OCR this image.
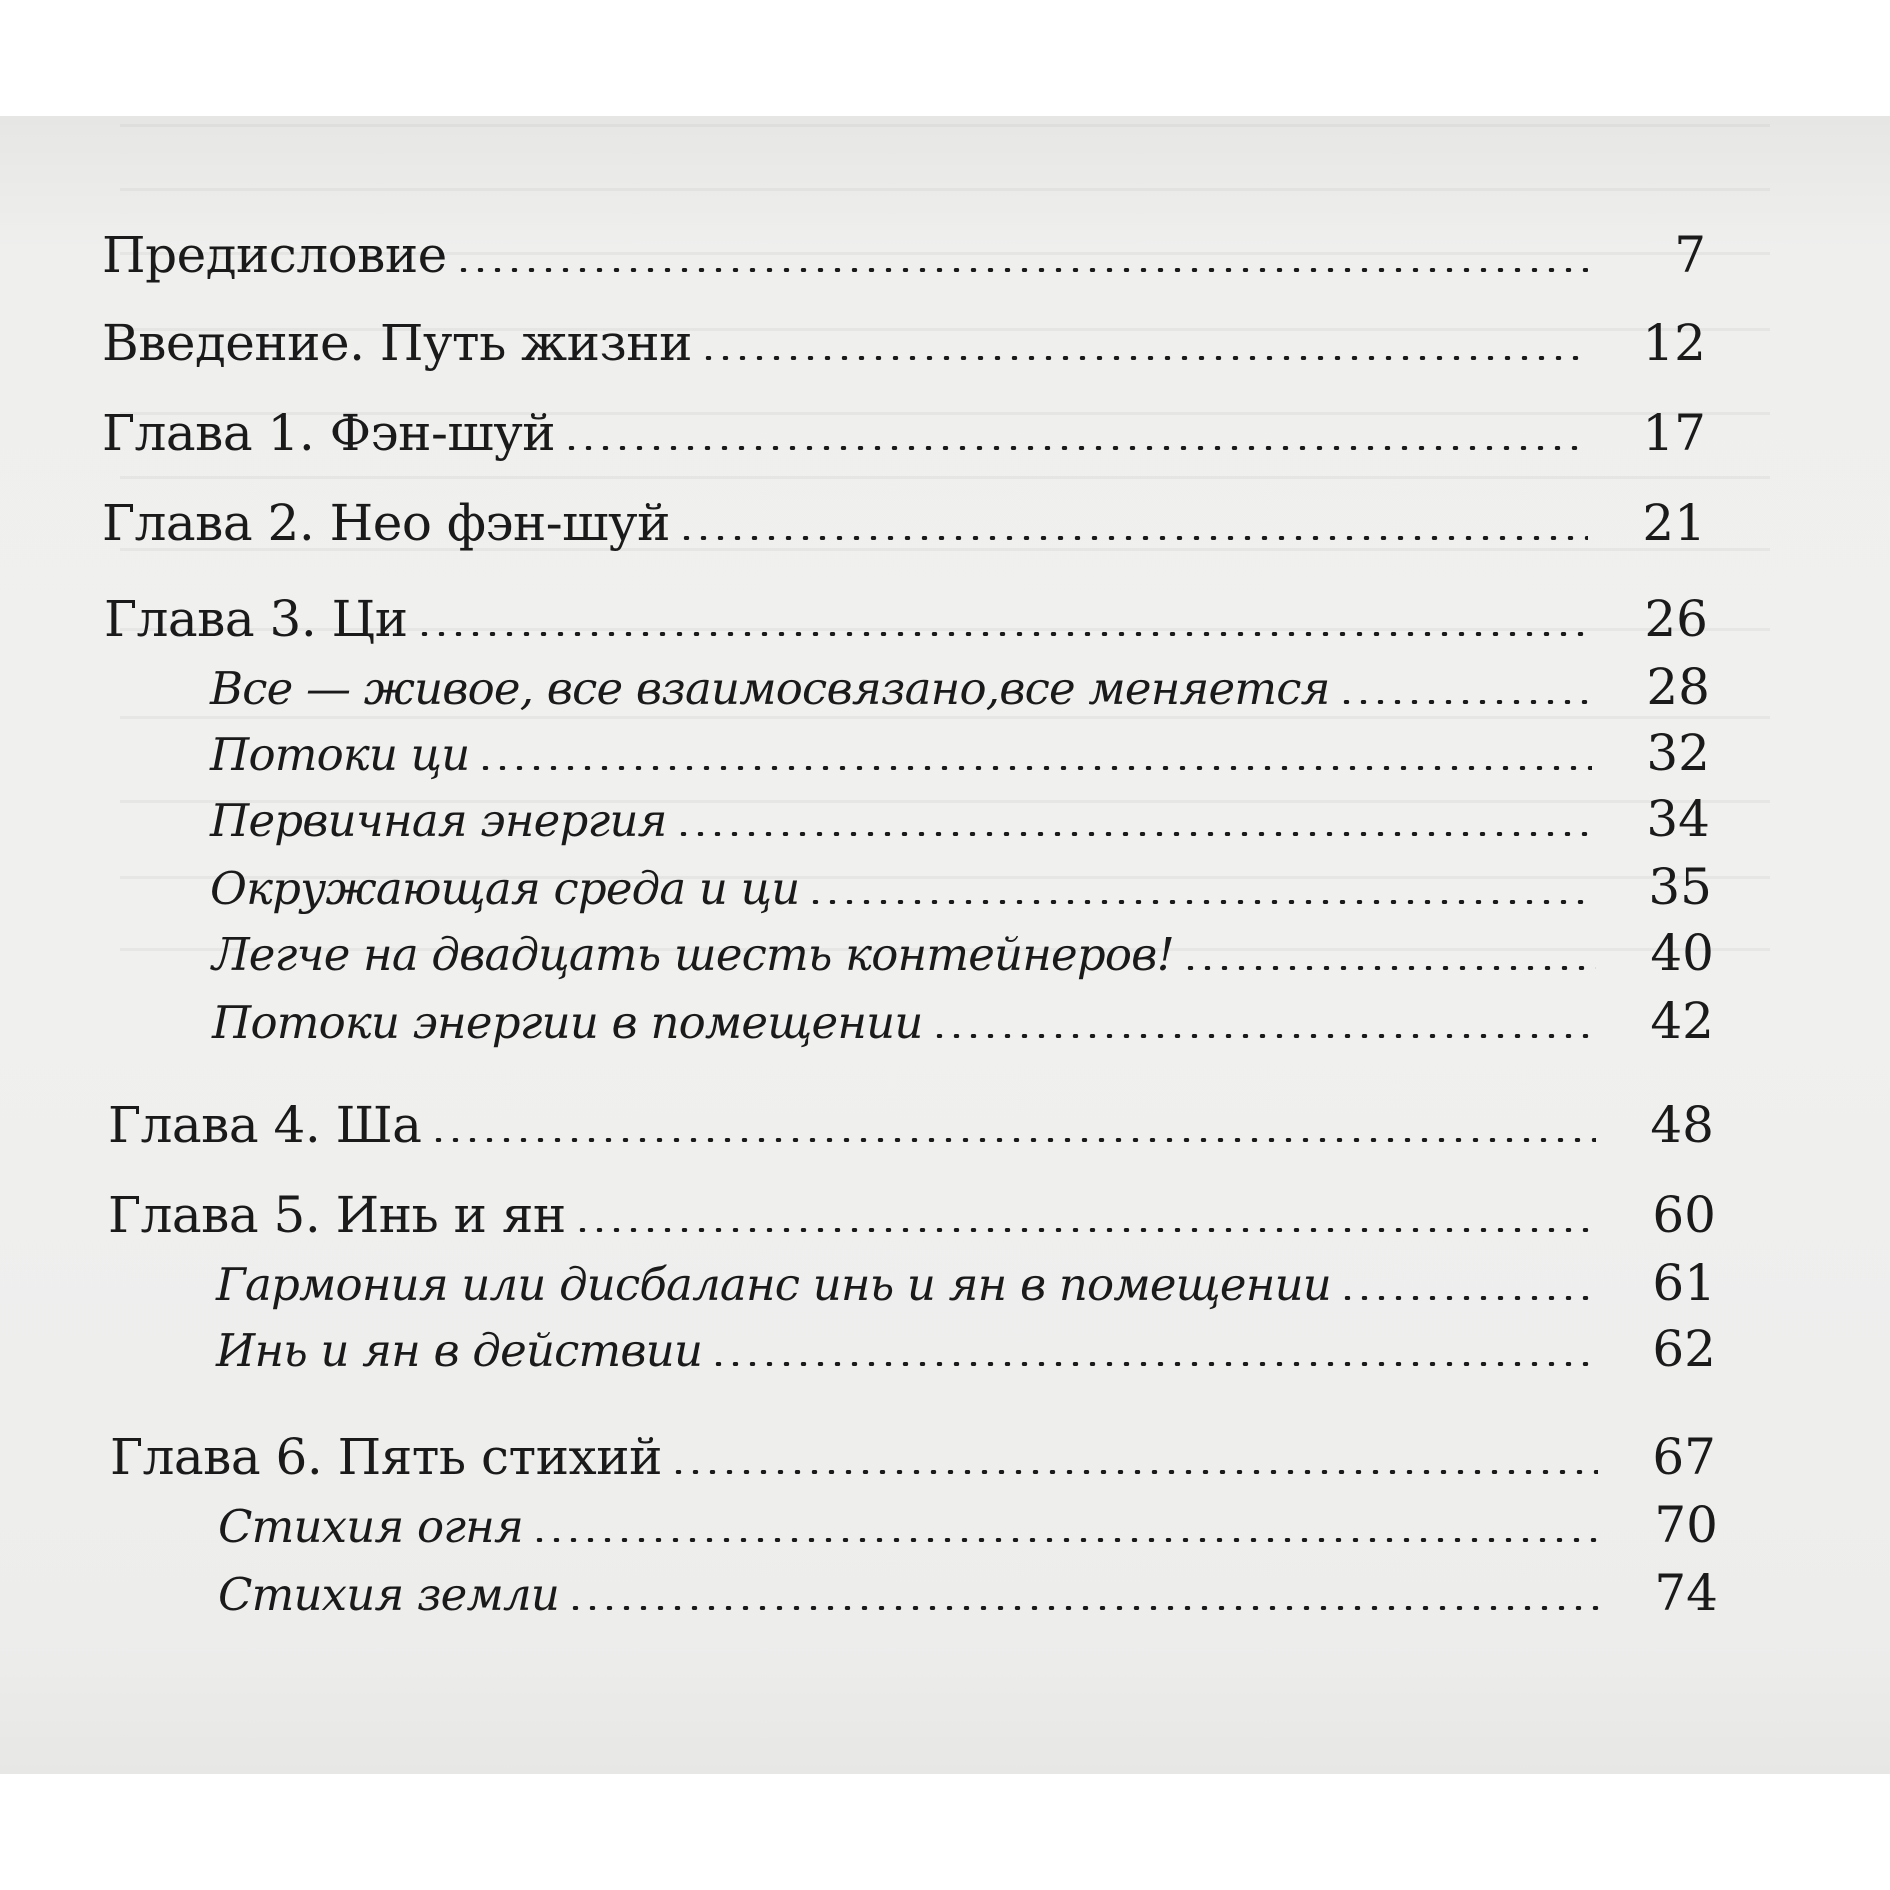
Предисловие	7
Введение. Путь жизни	12
Глава 1. Фэн-шуй	17
Глава 2. Нео фэн-шуй	21
Глава 3. Ци	26
Все — живое, все взаимосвязано,все меняется	28
Потоки ци	32
Первичная энергия	34
Окружающая среда и ци	35
Легче на двадцать шесть контейнеров!	40
Потоки энергии в помещении	42
Глава 4. Ша	48
Глава 5. Инь и ян	60
Гармония или дисбаланс инь и ян в помещении	61
Инь и ян в действии	62
Глава 6. Пять стихий	67
Стихия огня	70
Стихия земли	74
